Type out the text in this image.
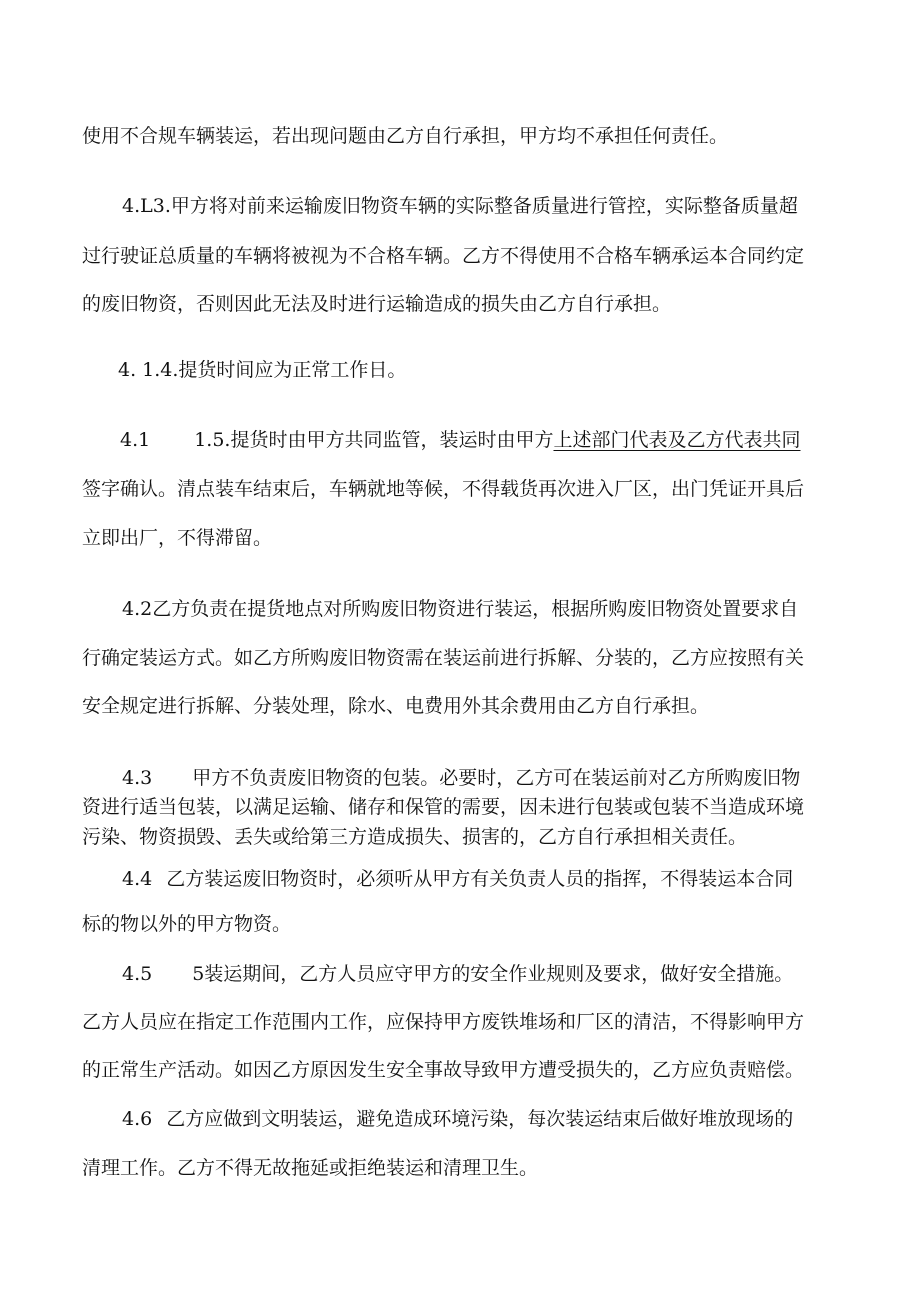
使用不合规车辆装运，若出现问题由乙方自行承担，甲方均不承担任何责任。
4.L3.甲方将对前来运输废旧物资车辆的实际整备质量进行管控，实际整备质量超
过行驶证总质量的车辆将被视为不合格车辆。乙方不得使用不合格车辆承运本合同约定
的废旧物资，否则因此无法及时进行运输造成的损失由乙方自行承担。
4. 1.4.提货时间应为正常工作日。
4.1 1.5.提货时由甲方共同监管，装运时由甲方上述部门代表及乙方代表共同
签字确认。清点装车结束后，车辆就地等候，不得载货再次进入厂区，出门凭证开具后
立即出厂，不得滞留。
4.2乙方负责在提货地点对所购废旧物资进行装运，根据所购废旧物资处置要求自
行确定装运方式。如乙方所购废旧物资需在装运前进行拆解、分装的，乙方应按照有关
安全规定进行拆解、分装处理，除水、电费用外其余费用由乙方自行承担。
4.3 甲方不负责废旧物资的包装。必要时，乙方可在装运前对乙方所购废旧物
资进行适当包装，以满足运输、储存和保管的需要，因未进行包装或包装不当造成环境
污染、物资损毁、丢失或给第三方造成损失、损害的，乙方自行承担相关责任。
4.4 乙方装运废旧物资时，必须听从甲方有关负责人员的指挥，不得装运本合同
标的物以外的甲方物资。
4.5 5装运期间，乙方人员应守甲方的安全作业规则及要求，做好安全措施。
乙方人员应在指定工作范围内工作，应保持甲方废铁堆场和厂区的清洁，不得影响甲方
的正常生产活动。如因乙方原因发生安全事故导致甲方遭受损失的，乙方应负责赔偿。
4.6 乙方应做到文明装运，避免造成环境污染，每次装运结束后做好堆放现场的
清理工作。乙方不得无故拖延或拒绝装运和清理卫生。
